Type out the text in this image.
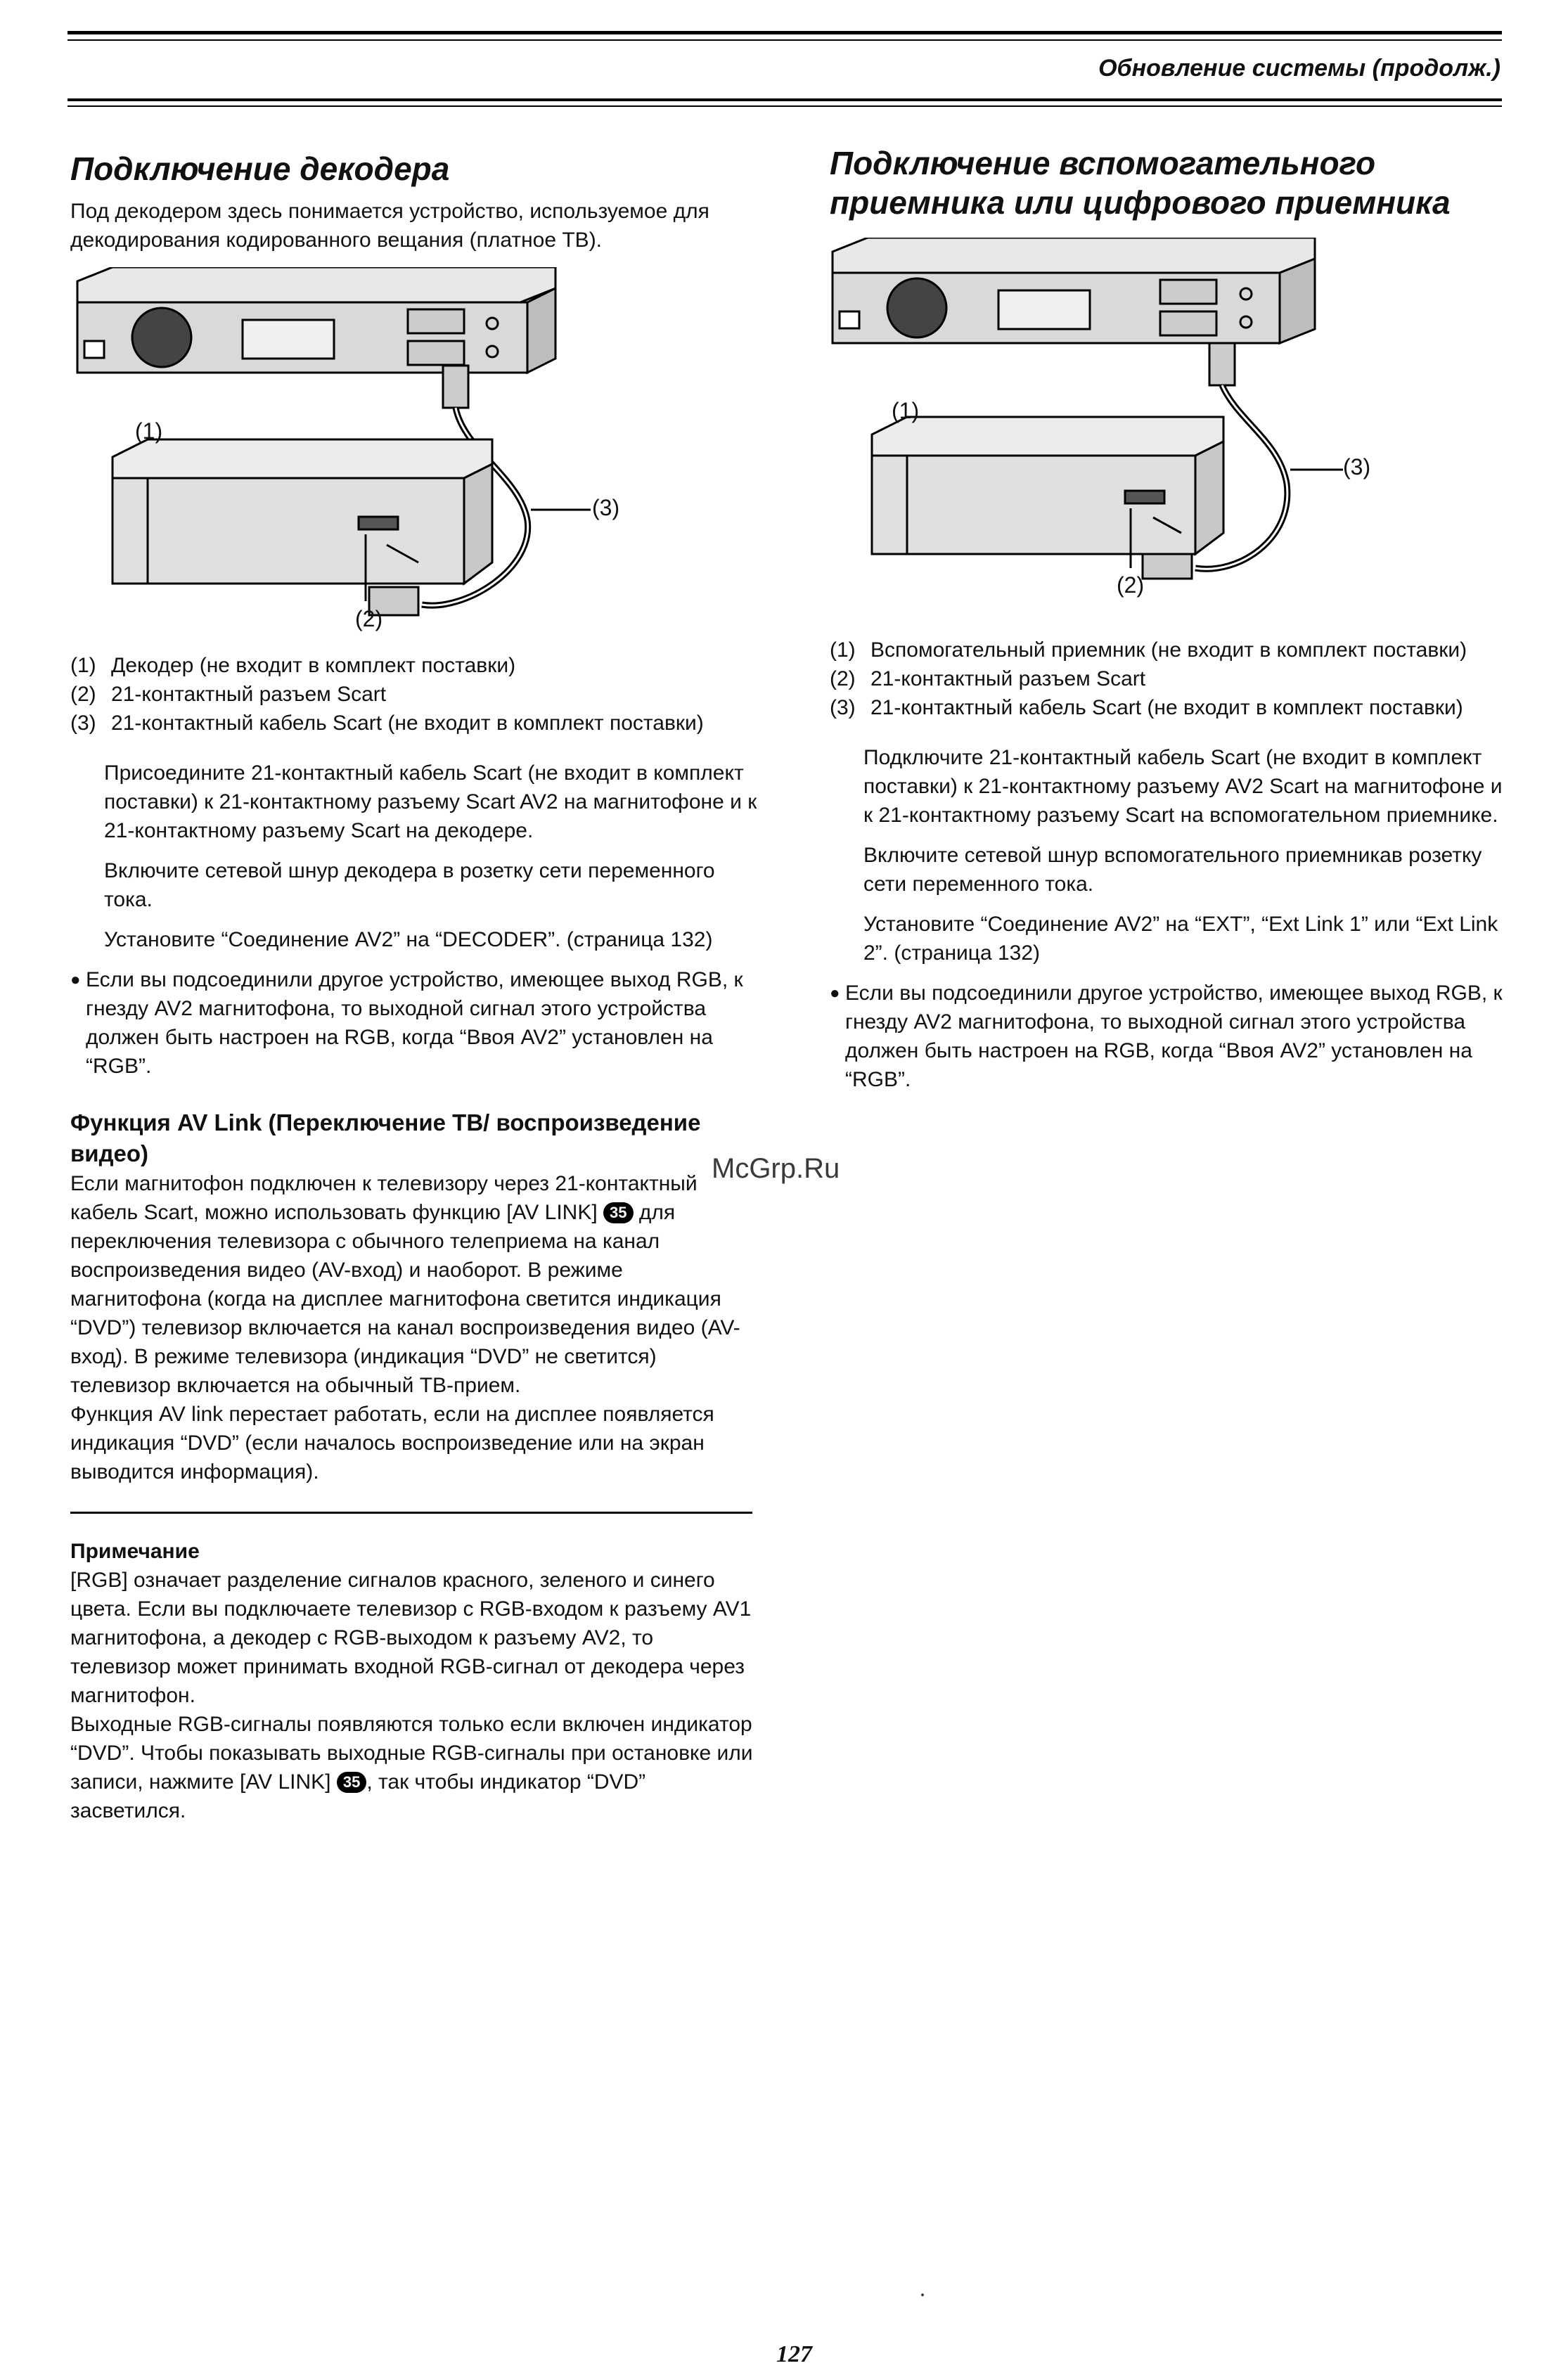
Обновление системы (продолж.)
Подключение декодера

Под декодером здесь понимается устройство, используемое для декодирования кодированного вещания (платное ТВ).

(1)
(2)
(3)
(1) Декодер (не входит в комплект поставки)
(2) 21-контактный разъем Scart
(3) 21-контактный кабель Scart (не входит в комплект поставки)

Присоедините 21-контактный кабель Scart (не входит в комплект поставки) к 21-контактному разъему Scart AV2 на магнитофоне и к 21-контактному разъему Scart на декодере.

Включите сетевой шнур декодера в розетку сети переменного тока.

Установите “Соединение AV2” на “DECODER”. (страница 132)

● Если вы подсоединили другое устройство, имеющее выход RGB, к гнезду AV2 магнитофона, то выходной сигнал этого устройства должен быть настроен на RGB, когда “Ввоя AV2” установлен на “RGB”.
Функция AV Link (Переключение ТВ/ воспроизведение видео)

Если магнитофон подключен к телевизору через 21-контактный кабель Scart, можно использовать функцию [AV LINK] 35 для переключения телевизора с обычного телеприема на канал воспроизведения видео (AV-вход) и наоборот. В режиме магнитофона (когда на дисплее магнитофона светится индикация “DVD”) телевизор включается на канал воспроизведения видео (AV-вход). В режиме телевизора (индикация “DVD” не светится) телевизор включается на обычный ТВ-прием.

Функция AV link перестает работать, если на дисплее появляется индикация “DVD” (если началось воспроизведение или на экран выводится информация).

Примечание

[RGB] означает разделение сигналов красного, зеленого и синего цвета. Если вы подключаете телевизор с RGB-входом к разъему AV1 магнитофона, а декодер с RGB-выходом к разъему AV2, то телевизор может принимать входной RGB-сигнал от декодера через магнитофон.

Выходные RGB-сигналы появляются только если включен индикатор “DVD”. Чтобы показывать выходные RGB-сигналы при остановке или записи, нажмите [AV LINK] 35 , так чтобы индикатор “DVD” засветился.

Подключение вспомогательного приемника или цифрового приемника
(1)
(2)
(3)
(1) Вспомогательный приемник (не входит в комплект поставки)
(2) 21-контактный разъем Scart
(3) 21-контактный кабель Scart (не входит в комплект поставки)

Подключите 21-контактный кабель Scart (не входит в комплект поставки) к 21-контактному разъему AV2 Scart на магнитофоне и к 21-контактному разъему Scart на вспомогательном приемнике.

Включите сетевой шнур вспомогательного приемникав розетку сети переменного тока.

Установите “Соединение AV2” на “EXT”, “Ext Link 1” или “Ext Link 2”. (страница 132)

● Если вы подсоединили другое устройство, имеющее выход RGB, к гнезду AV2 магнитофона, то выходной сигнал этого устройства должен быть настроен на RGB, когда “Ввоя AV2” установлен на “RGB”.
McGrp.Ru
127
